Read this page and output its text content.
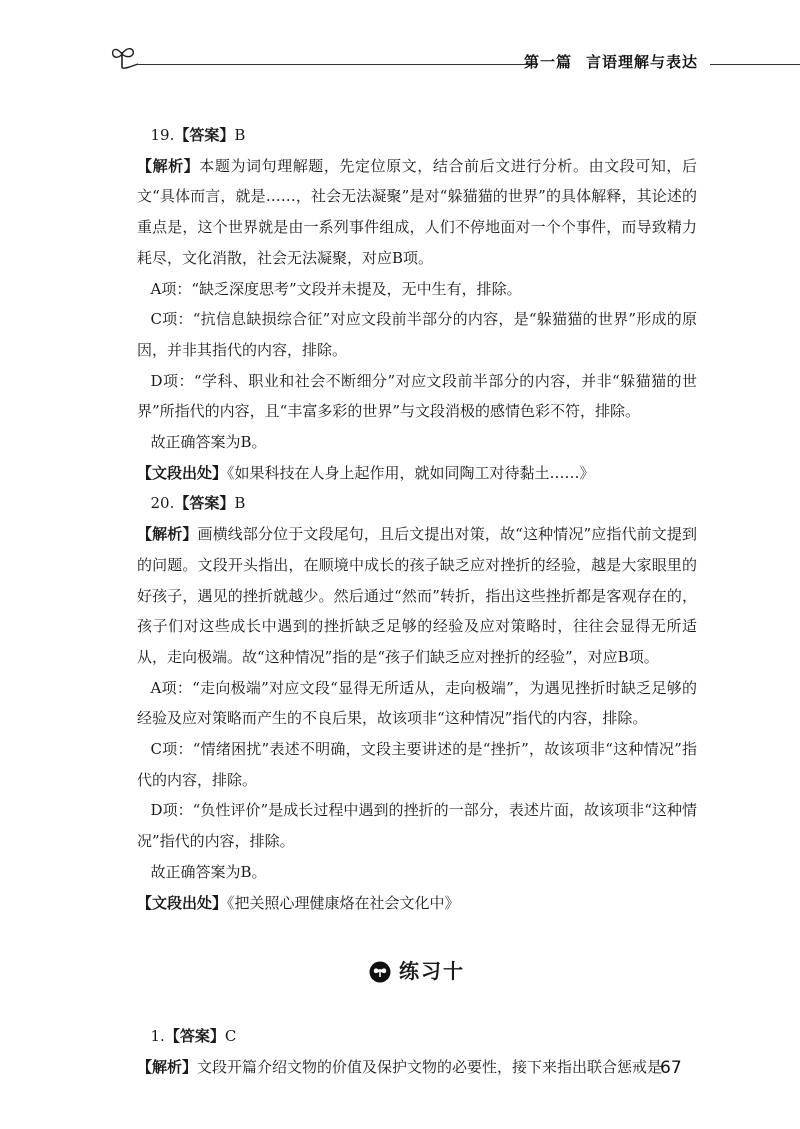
第一篇 言语理解与表达

19.【答案】B

【解析】本题为词句理解题，先定位原文，结合前后文进行分析。由文段可知，后文“具体而言，就是……，社会无法凝聚”是对“躲猫猫的世界”的具体解释，其论述的重点是，这个世界就是由一系列事件组成，人们不停地面对一个个事件，而导致精力耗尽，文化消散，社会无法凝聚，对应B项。

A项：“缺乏深度思考”文段并未提及，无中生有，排除。

C项：“抗信息缺损综合征”对应文段前半部分的内容，是“躲猫猫的世界”形成的原因，并非其指代的内容，排除。

D项：“学科、职业和社会不断细分”对应文段前半部分的内容，并非“躲猫猫的世界”所指代的内容，且“丰富多彩的世界”与文段消极的感情色彩不符，排除。

故正确答案为B。

【文段出处】《如果科技在人身上起作用，就如同陶工对待黏土……》

20.【答案】B

【解析】画横线部分位于文段尾句，且后文提出对策，故“这种情况”应指代前文提到的问题。文段开头指出，在顺境中成长的孩子缺乏应对挫折的经验，越是大家眼里的好孩子，遇见的挫折就越少。然后通过“然而”转折，指出这些挫折都是客观存在的，孩子们对这些成长中遇到的挫折缺乏足够的经验及应对策略时，往往会显得无所适从，走向极端。故“这种情况”指的是“孩子们缺乏应对挫折的经验”，对应B项。

A项：“走向极端”对应文段“显得无所适从，走向极端”，为遇见挫折时缺乏足够的经验及应对策略而产生的不良后果，故该项非“这种情况”指代的内容，排除。

C项：“情绪困扰”表述不明确，文段主要讲述的是“挫折”，故该项非“这种情况”指代的内容，排除。

D项：“负性评价”是成长过程中遇到的挫折的一部分，表述片面，故该项非“这种情况”指代的内容，排除。

故正确答案为B。

【文段出处】《把关照心理健康烙在社会文化中》

练习十

1.【答案】C

【解析】文段开篇介绍文物的价值及保护文物的必要性，接下来指出联合惩戒是

67
